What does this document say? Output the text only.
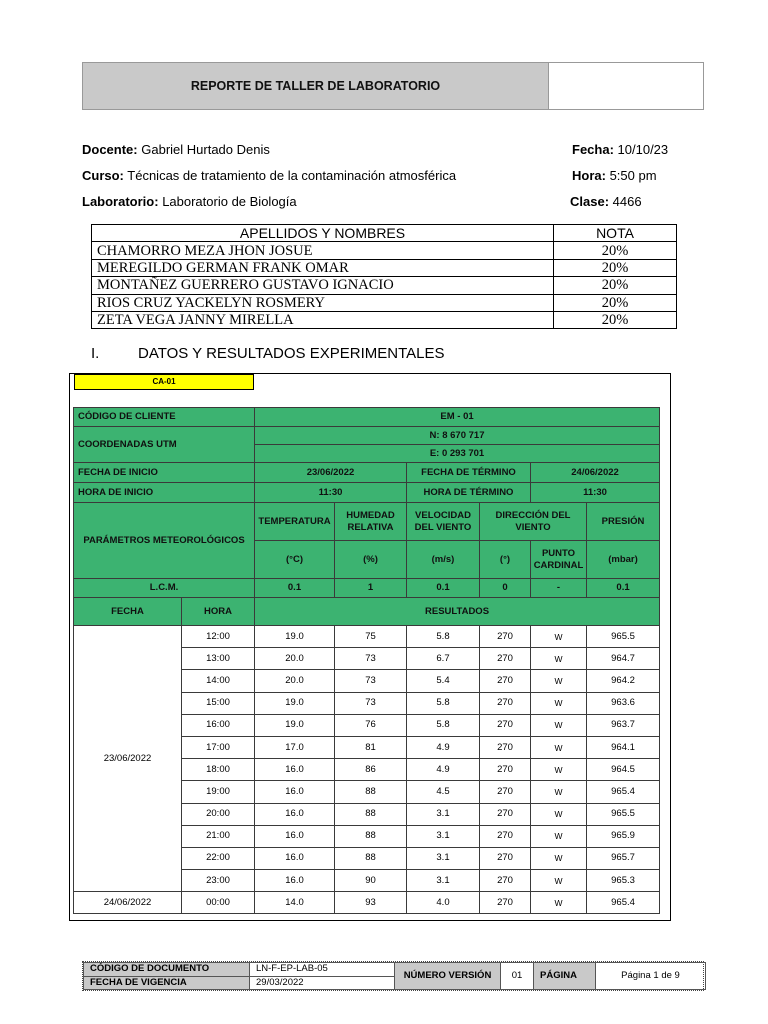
REPORTE DE TALLER DE LABORATORIO
Docente: Gabriel Hurtado Denis	Fecha: 10/10/23
Curso: Técnicas de tratamiento de la contaminación atmosférica	Hora: 5:50 pm
Laboratorio: Laboratorio de Biología	Clase: 4466
APELLIDOS Y NOMBRES	NOTA
CHAMORRO MEZA JHON JOSUE	20%
MEREGILDO GERMAN FRANK OMAR	20%
MONTAÑEZ GUERRERO GUSTAVO IGNACIO	20%
RIOS CRUZ YACKELYN ROSMERY	20%
ZETA VEGA JANNY MIRELLA	20%
I.	DATOS Y RESULTADOS EXPERIMENTALES
CA-01
CÓDIGO DE CLIENTE		EM - 01					
COORDENADAS UTM		N: 8 670 717					
		E: 0 293 701					
FECHA DE INICIO		23/06/2022		FECHA DE TÉRMINO		24/06/2022	
HORA DE INICIO		11:30		HORA DE TÉRMINO		11:30	
PARÁMETROS METEOROLÓGICOS		TEMPERATURA	HUMEDAD RELATIVA	VELOCIDAD DEL VIENTO	DIRECCIÓN DEL VIENTO		PRESIÓN
		(°C)	(%)	(m/s)	(°)	PUNTO CARDINAL	(mbar)
L.C.M.		0.1	1	0.1	0	-	0.1
FECHA	HORA	RESULTADOS					
23/06/2022	12:00	19.0	75	5.8	270	W	965.5
	13:00	20.0	73	6.7	270	W	964.7
	14:00	20.0	73	5.4	270	W	964.2
	15:00	19.0	73	5.8	270	W	963.6
	16:00	19.0	76	5.8	270	W	963.7
	17:00	17.0	81	4.9	270	W	964.1
	18:00	16.0	86	4.9	270	W	964.5
	19:00	16.0	88	4.5	270	W	965.4
	20:00	16.0	88	3.1	270	W	965.5
	21:00	16.0	88	3.1	270	W	965.9
	22:00	16.0	88	3.1	270	W	965.7
	23:00	16.0	90	3.1	270	W	965.3
24/06/2022	00:00	14.0	93	4.0	270	W	965.4
CÓDIGO DE DOCUMENTO	LN-F-EP-LAB-05	NÚMERO VERSIÓN	01	PÁGINA	Página 1 de 9
FECHA DE VIGENCIA	29/03/2022				
